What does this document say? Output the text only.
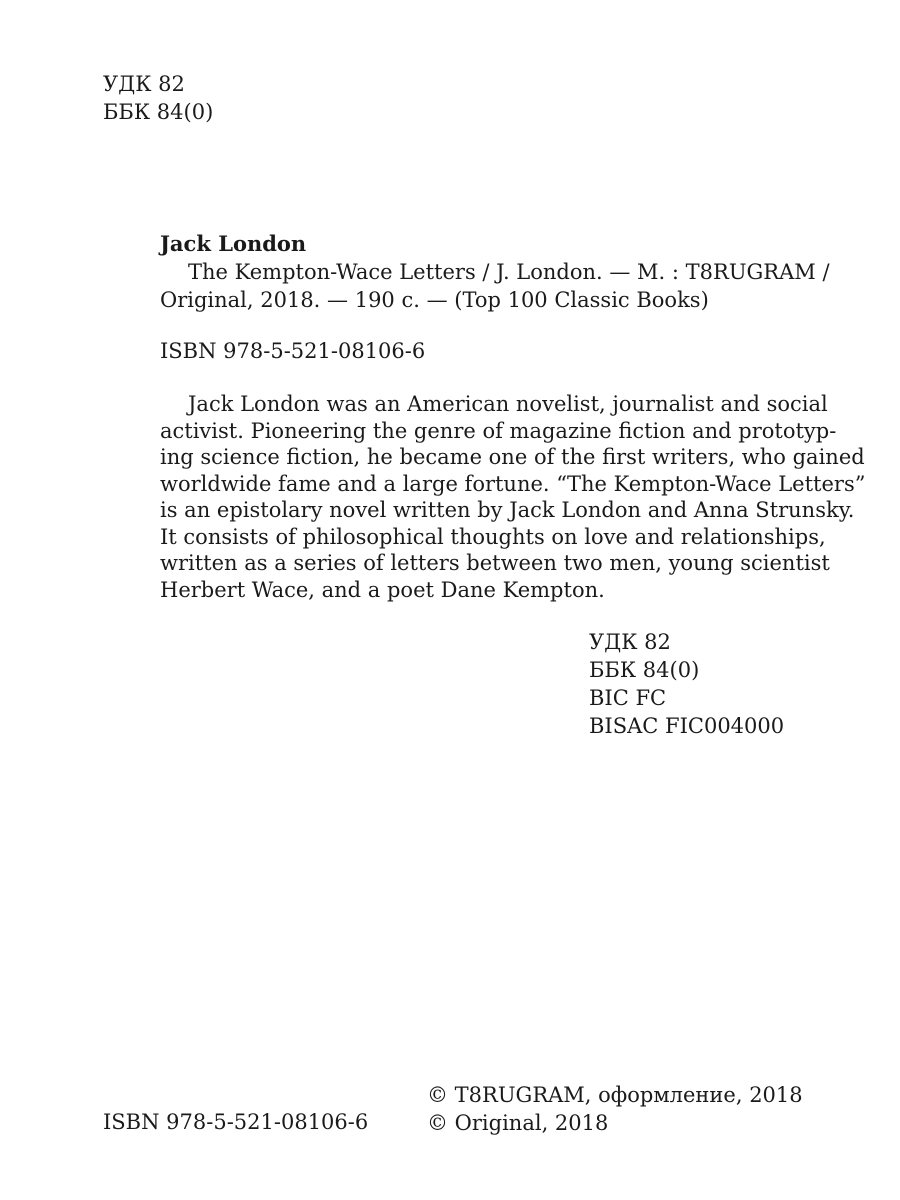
УДК 82
ББК 84(0)
Jack London
The Kempton-Wace Letters / J. London. — M. : T8RUGRAM /
Original, 2018. — 190 с. — (Top 100 Classic Books)
ISBN 978-5-521-08106-6
Jack London was an American novelist, journalist and social
activist. Pioneering the genre of magazine fiction and prototyp-
ing science fiction, he became one of the first writers, who gained
worldwide fame and a large fortune. “The Kempton-Wace Letters”
is an epistolary novel written by Jack London and Anna Strunsky.
It consists of philosophical thoughts on love and relationships,
written as a series of letters between two men, young scientist
Herbert Wace, and a poet Dane Kempton.
УДК 82
ББК 84(0)
BIC FC
BISAC FIC004000
ISBN 978-5-521-08106-6
© T8RUGRAM, оформление, 2018
© Original, 2018
